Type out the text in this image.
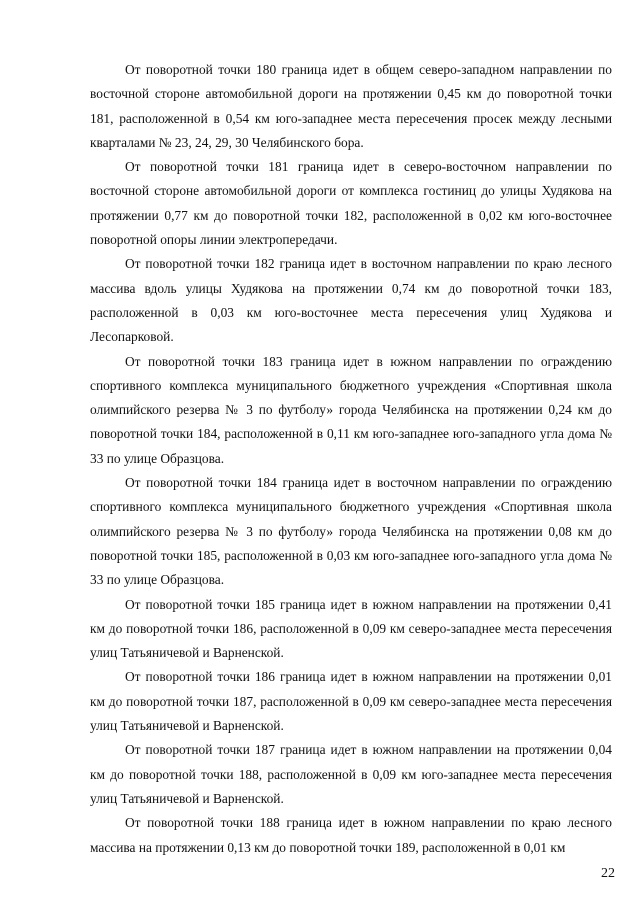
От поворотной точки 180 граница идет в общем северо-западном направлении по восточной стороне автомобильной дороги на протяжении 0,45 км до поворотной точки 181, расположенной в 0,54 км юго-западнее места пересечения просек между лесными кварталами № 23, 24, 29, 30 Челябинского бора.

От поворотной точки 181 граница идет в северо-восточном направлении по восточной стороне автомобильной дороги от комплекса гостиниц до улицы Худякова на протяжении 0,77 км до поворотной точки 182, расположенной в 0,02 км юго-восточнее поворотной опоры линии электропередачи.

От поворотной точки 182 граница идет в восточном направлении по краю лесного массива вдоль улицы Худякова на протяжении 0,74 км до поворотной точки 183, расположенной в 0,03 км юго-восточнее места пересечения улиц Худякова и Лесопарковой.

От поворотной точки 183 граница идет в южном направлении по ограждению спортивного комплекса муниципального бюджетного учреждения «Спортивная школа олимпийского резерва № 3 по футболу» города Челябинска на протяжении 0,24 км до поворотной точки 184, расположенной в 0,11 км юго-западнее юго-западного угла дома № 33 по улице Образцова.

От поворотной точки 184 граница идет в восточном направлении по ограждению спортивного комплекса муниципального бюджетного учреждения «Спортивная школа олимпийского резерва № 3 по футболу» города Челябинска на протяжении 0,08 км до поворотной точки 185, расположенной в 0,03 км юго-западнее юго-западного угла дома № 33 по улице Образцова.

От поворотной точки 185 граница идет в южном направлении на протяжении 0,41 км до поворотной точки 186, расположенной в 0,09 км северо-западнее места пересечения улиц Татьяничевой и Варненской.

От поворотной точки 186 граница идет в южном направлении на протяжении 0,01 км до поворотной точки 187, расположенной в 0,09 км северо-западнее места пересечения улиц Татьяничевой и Варненской.

От поворотной точки 187 граница идет в южном направлении на протяжении 0,04 км до поворотной точки 188, расположенной в 0,09 км юго-западнее места пересечения улиц Татьяничевой и Варненской.

От поворотной точки 188 граница идет в южном направлении по краю лесного массива на протяжении 0,13 км до поворотной точки 189, расположенной в 0,01 км

22
